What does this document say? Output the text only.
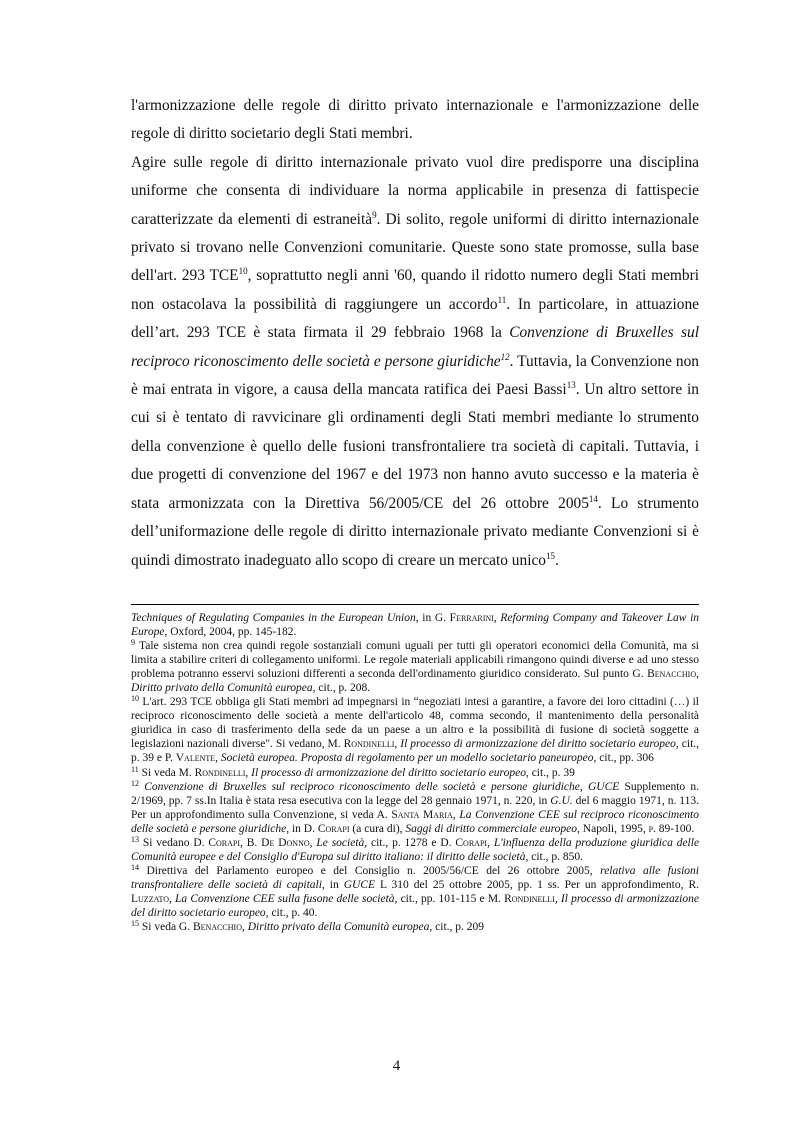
l'armonizzazione delle regole di diritto privato internazionale e l'armonizzazione delle regole di diritto societario degli Stati membri.

Agire sulle regole di diritto internazionale privato vuol dire predisporre una disciplina uniforme che consenta di individuare la norma applicabile in presenza di fattispecie caratterizzate da elementi di estraneità$^9$. Di solito, regole uniformi di diritto internazionale privato si trovano nelle Convenzioni comunitarie. Queste sono state promosse, sulla base dell'art. 293 TCE$^{10}$, soprattutto negli anni '60, quando il ridotto numero degli Stati membri non ostacolava la possibilità di raggiungere un accordo$^{11}$. In particolare, in attuazione dell’art. 293 TCE è stata firmata il 29 febbraio 1968 la Convenzione di Bruxelles sul reciproco riconoscimento delle società e persone giuridiche$^{12}$. Tuttavia, la Convenzione non è mai entrata in vigore, a causa della mancata ratifica dei Paesi Bassi$^{13}$. Un altro settore in cui si è tentato di ravvicinare gli ordinamenti degli Stati membri mediante lo strumento della convenzione è quello delle fusioni transfrontaliere tra società di capitali. Tuttavia, i due progetti di convenzione del 1967 e del 1973 non hanno avuto successo e la materia è stata armonizzata con la Direttiva 56/2005/CE del 26 ottobre 2005$^{14}$. Lo strumento dell’uniformazione delle regole di diritto internazionale privato mediante Convenzioni si è quindi dimostrato inadeguato allo scopo di creare un mercato unico$^{15}$.

Techniques of Regulating Companies in the European Union, in G. Ferrarini, Reforming Company and Takeover Law in Europe, Oxford, 2004, pp. 145-182.

$^9$ Tale sistema non crea quindi regole sostanziali comuni uguali per tutti gli operatori economici della Comunità, ma si limita a stabilire criteri di collegamento uniformi. Le regole materiali applicabili rimangono quindi diverse e ad uno stesso problema potranno esservi soluzioni differenti a seconda dell'ordinamento giuridico considerato. Sul punto G. Benacchio, Diritto privato della Comunità europea, cit., p. 208.

$^{10}$ L'art. 293 TCE obbliga gli Stati membri ad impegnarsi in “negoziati intesi a garantire, a favore dei loro cittadini (…) il reciproco riconoscimento delle società a mente dell'articolo 48, comma secondo, il mantenimento della personalità giuridica in caso di trasferimento della sede da un paese a un altro e la possibilità di fusione di società soggette a legislazioni nazionali diverse". Si vedano, M. Rondinelli, Il processo di armonizzazione del diritto societario europeo, cit., p. 39 e P. Valente, Società europea. Proposta di regolamento per un modello societario paneuropeo, cit., pp. 306

$^{11}$ Si veda M. Rondinelli, Il processo di armonizzazione del diritto societario europeo, cit., p. 39

$^{12}$ Convenzione di Bruxelles sul reciproco riconoscimento delle società e persone giuridiche, GUCE Supplemento n. 2/1969, pp. 7 ss.In Italia è stata resa esecutiva con la legge del 28 gennaio 1971, n. 220, in G.U. del 6 maggio 1971, n. 113. Per un approfondimento sulla Convenzione, si veda A. Santa Maria, La Convenzione CEE sul reciproco riconoscimento delle società e persone giuridiche, in D. Corapi (a cura di), Saggi di diritto commerciale europeo, Napoli, 1995, p. 89-100.

$^{13}$ Si vedano D. Corapi, B. De Donno, Le società, cit., p. 1278 e D. Corapi, L'influenza della produzione giuridica delle Comunità europee e del Consiglio d'Europa sul diritto italiano: il diritto delle società, cit., p. 850.

$^{14}$ Direttiva del Parlamento europeo e del Consiglio n. 2005/56/CE del 26 ottobre 2005, relativa alle fusioni transfrontaliere delle società di capitali, in GUCE L 310 del 25 ottobre 2005, pp. 1 ss. Per un approfondimento, R. Luzzato, La Convenzione CEE sulla fusone delle società, cit., pp. 101-115 e M. Rondinelli, Il processo di armonizzazione del diritto societario europeo, cit., p. 40.

$^{15}$ Si veda G. Benacchio, Diritto privato della Comunità europea, cit., p. 209

4
